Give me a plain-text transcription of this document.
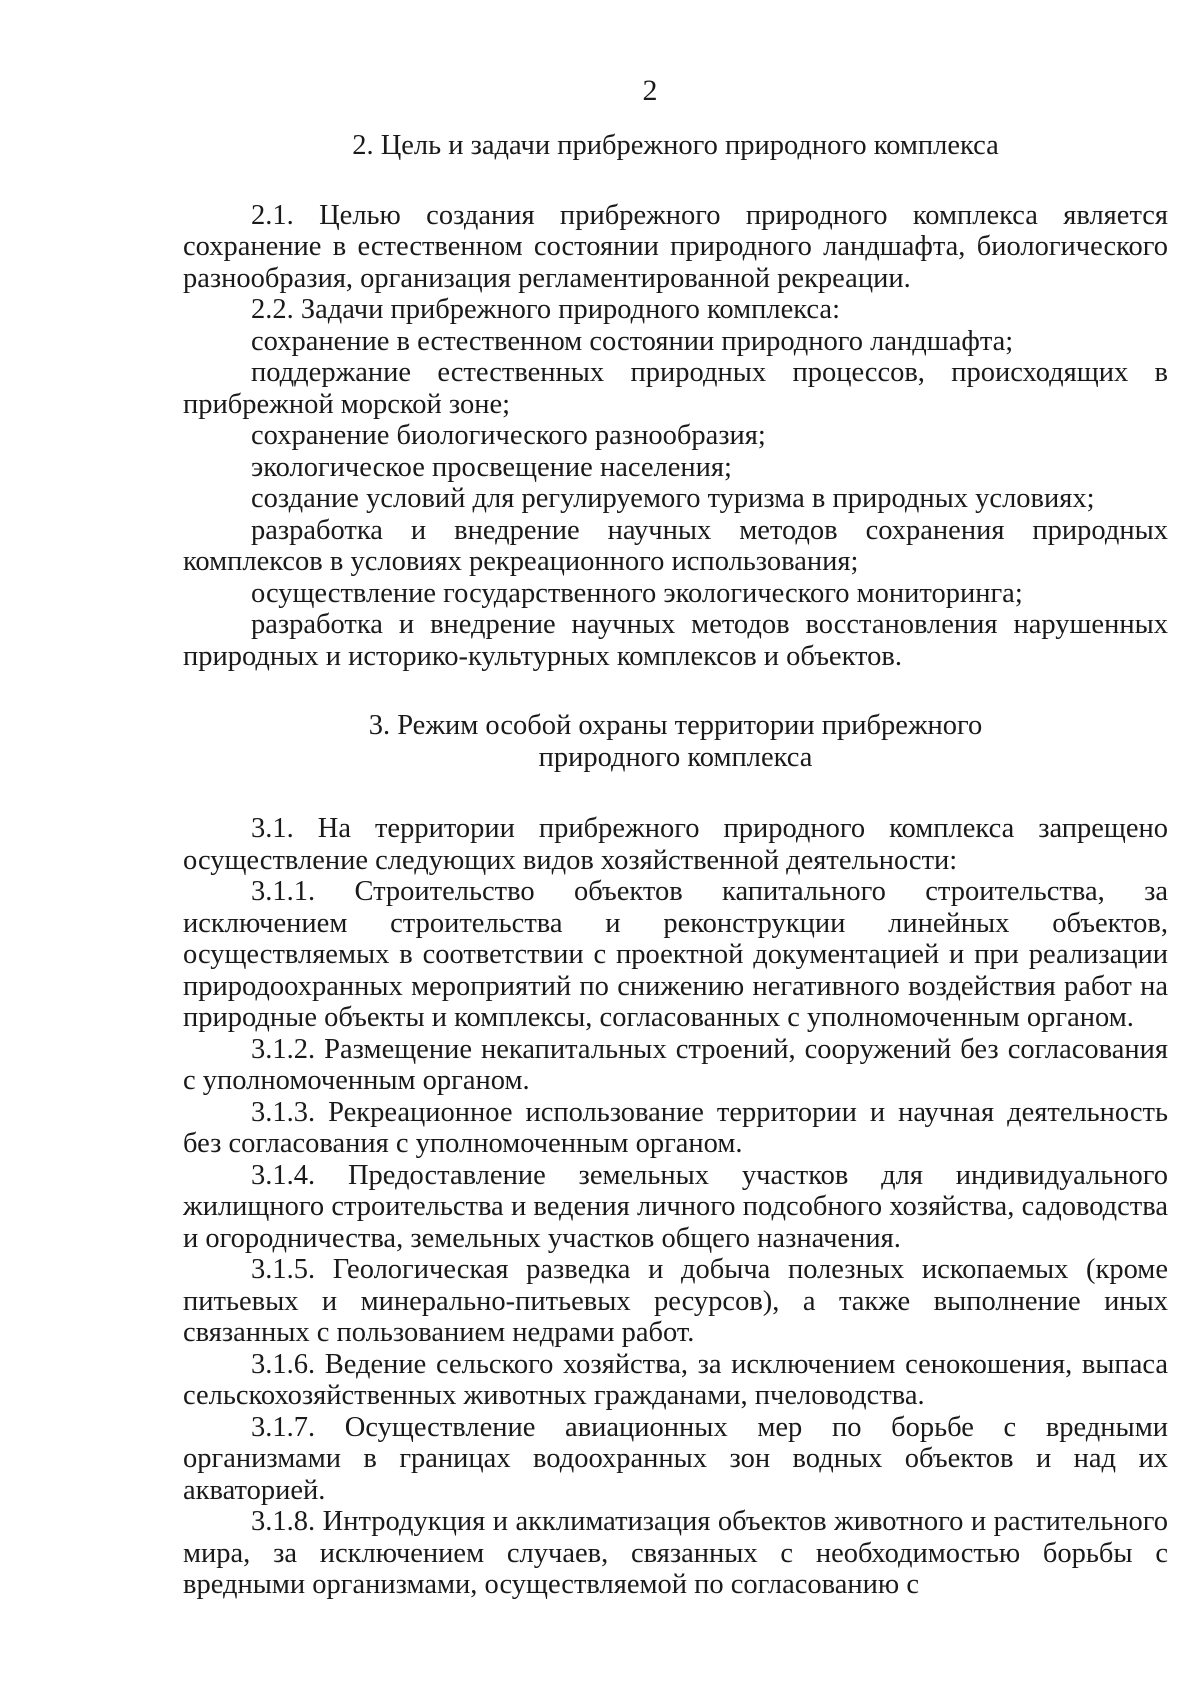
2

2. Цель и задачи прибрежного природного комплекса

2.1. Целью создания прибрежного природного комплекса является сохранение в естественном состоянии природного ландшафта, биологического разнообразия, организация регламентированной рекреации.

2.2. Задачи прибрежного природного комплекса:

сохранение в естественном состоянии природного ландшафта;

поддержание естественных природных процессов, происходящих в прибрежной морской зоне;

сохранение биологического разнообразия;

экологическое просвещение населения;

создание условий для регулируемого туризма в природных условиях;

разработка и внедрение научных методов сохранения природных комплексов в условиях рекреационного использования;

осуществление государственного экологического мониторинга;

разработка и внедрение научных методов восстановления нарушенных природных и историко-культурных комплексов и объектов.

3. Режим особой охраны территории прибрежного

природного комплекса

3.1. На территории прибрежного природного комплекса запрещено осуществление следующих видов хозяйственной деятельности:

3.1.1. Строительство объектов капитального строительства, за исключением строительства и реконструкции линейных объектов, осуществляемых в соответствии с проектной документацией и при реализации природоохранных мероприятий по снижению негативного воздействия работ на природные объекты и комплексы, согласованных с уполномоченным органом.

3.1.2. Размещение некапитальных строений, сооружений без согласования с уполномоченным органом.

3.1.3. Рекреационное использование территории и научная деятельность без согласования с уполномоченным органом.

3.1.4. Предоставление земельных участков для индивидуального жилищного строительства и ведения личного подсобного хозяйства, садоводства и огородничества, земельных участков общего назначения.

3.1.5. Геологическая разведка и добыча полезных ископаемых (кроме питьевых и минерально-питьевых ресурсов), а также выполнение иных связанных с пользованием недрами работ.

3.1.6. Ведение сельского хозяйства, за исключением сенокошения, выпаса сельскохозяйственных животных гражданами, пчеловодства.

3.1.7. Осуществление авиационных мер по борьбе с вредными организмами в границах водоохранных зон водных объектов и над их акваторией.

3.1.8. Интродукция и акклиматизация объектов животного и растительного мира, за исключением случаев, связанных с необходимостью борьбы с вредными организмами, осуществляемой по согласованию с
